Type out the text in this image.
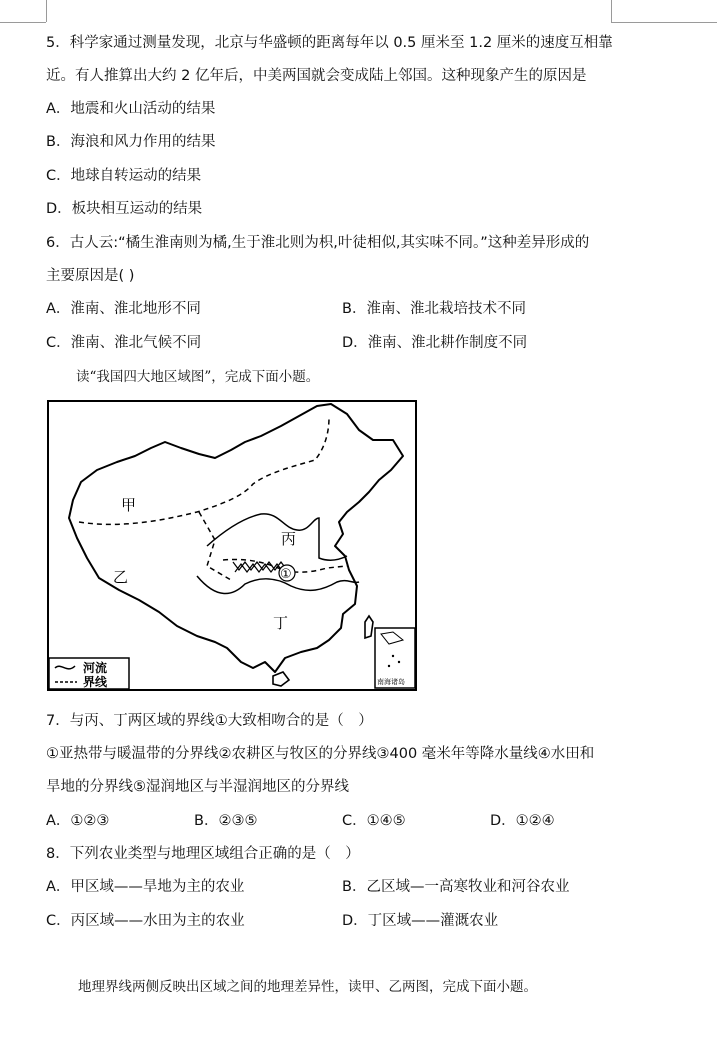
5．科学家通过测量发现，北京与华盛顿的距离每年以 0.5 厘米至 1.2 厘米的速度互相靠
近。有人推算出大约 2 亿年后，中美两国就会变成陆上邻国。这种现象产生的原因是
A．地震和火山活动的结果
B．海浪和风力作用的结果
C．地球自转运动的结果
D．板块相互运动的结果
6．古人云:“橘生淮南则为橘,生于淮北则为枳,叶徒相似,其实味不同。”这种差异形成的
主要原因是( )
A．淮南、淮北地形不同	B．淮南、淮北栽培技术不同
C．淮南、淮北气候不同	D．淮南、淮北耕作制度不同
读“我国四大地区域图”，完成下面小题。
甲
乙
丙
丁
①
河流
界线	南海诸岛
7．与丙、丁两区域的界线①大致相吻合的是（　）
①亚热带与暖温带的分界线②农耕区与牧区的分界线③400 毫米年等降水量线④水田和
旱地的分界线⑤湿润地区与半湿润地区的分界线
A．①②③	B．②③⑤	C．①④⑤	D．①②④
8．下列农业类型与地理区域组合正确的是（　）
A．甲区域——旱地为主的农业	B．乙区域—一高寒牧业和河谷农业
C．丙区域——水田为主的农业	D．丁区域——灌溉农业
地理界线两侧反映出区域之间的地理差异性，读甲、乙两图，完成下面小题。
